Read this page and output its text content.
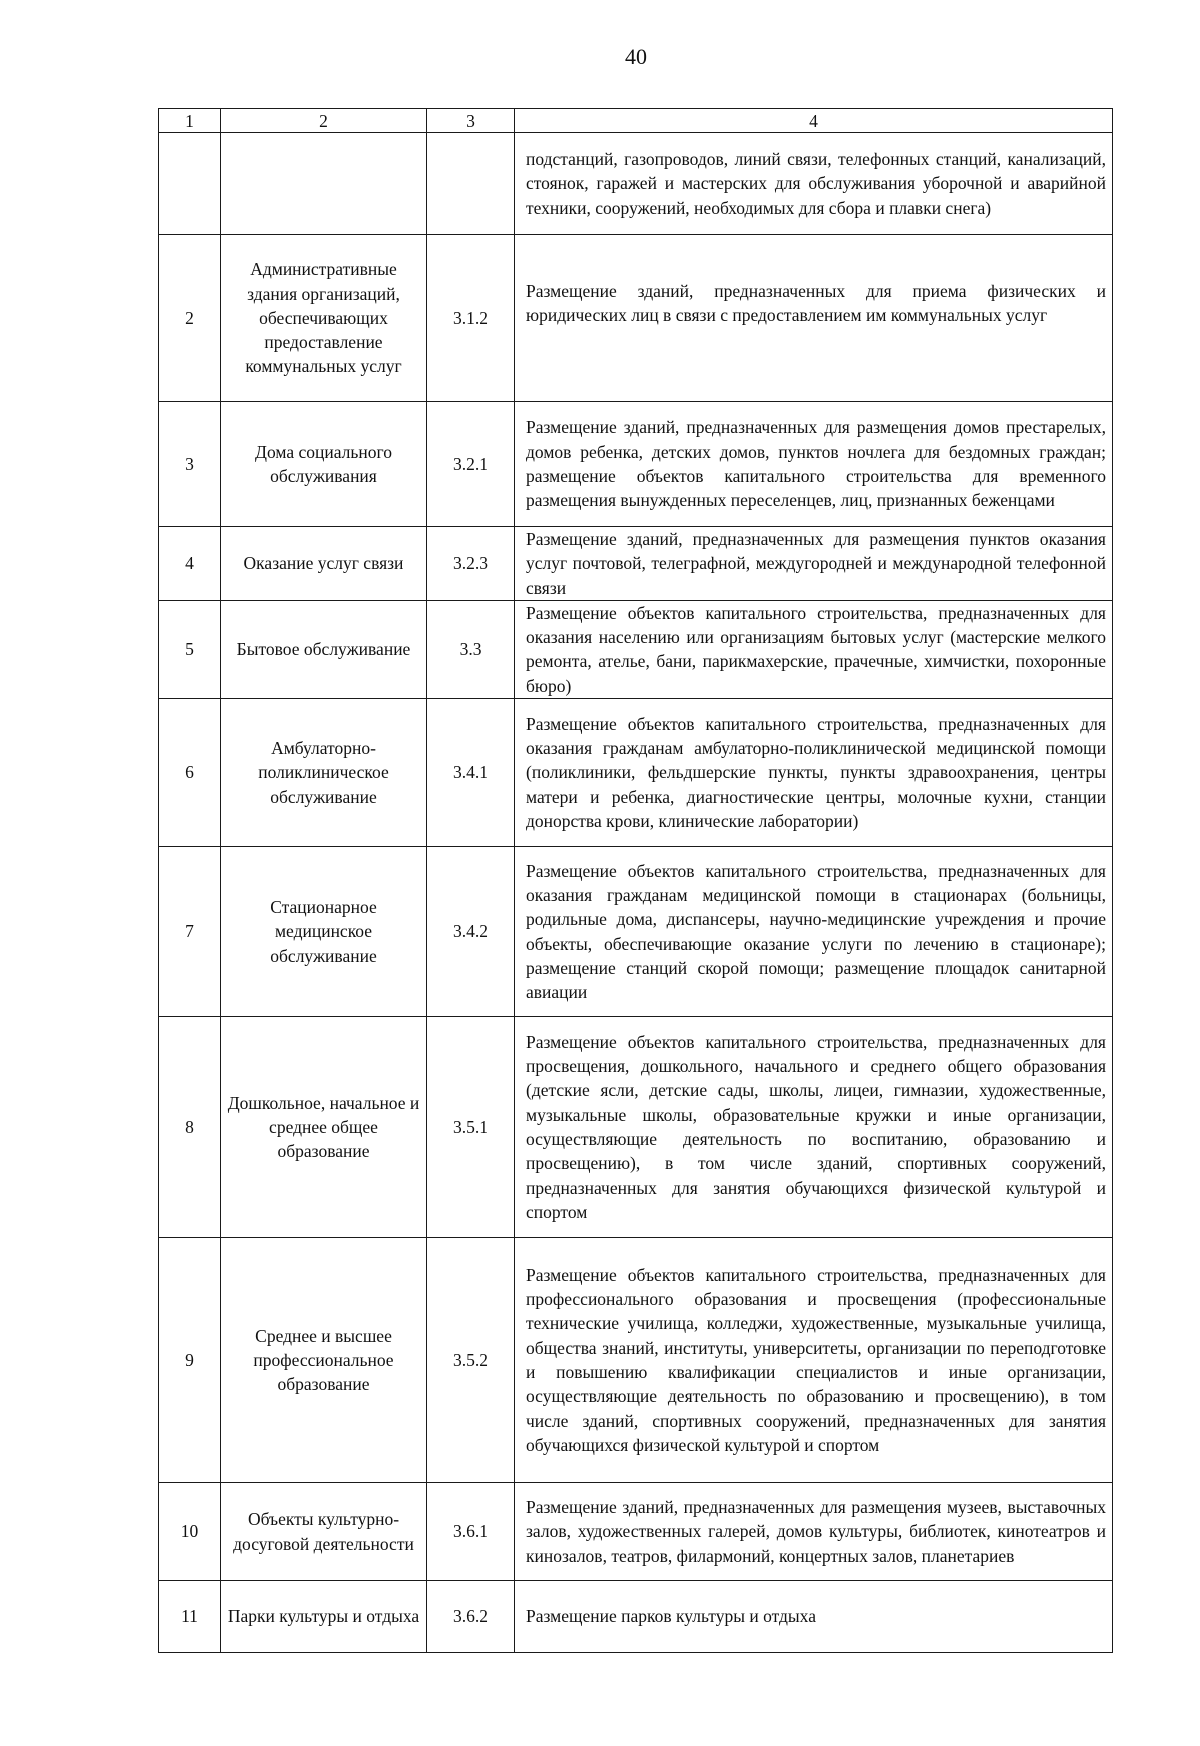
40
1	2	3	4
			подстанций, газопроводов, линий связи, телефонных станций, канализаций, стоянок, гаражей и мастерских для обслуживания уборочной и аварийной техники, сооружений, необходимых для сбора и плавки снега)
2	Административные здания организаций, обеспечивающих предоставление коммунальных услуг	3.1.2	Размещение зданий, предназначенных для приема физических и юридических лиц в связи с предоставлением им коммунальных услуг
3	Дома социального обслуживания	3.2.1	Размещение зданий, предназначенных для размещения домов престарелых, домов ребенка, детских домов, пунктов ночлега для бездомных граждан; размещение объектов капитального строительства для временного размещения вынужденных переселенцев, лиц, признанных беженцами
4	Оказание услуг связи	3.2.3	Размещение зданий, предназначенных для размещения пунктов оказания услуг почтовой, телеграфной, междугородней и международной телефонной связи
5	Бытовое обслуживание	3.3	Размещение объектов капитального строительства, предназначенных для оказания населению или организациям бытовых услуг (мастерские мелкого ремонта, ателье, бани, парикмахерские, прачечные, химчистки, похоронные бюро)
6	Амбулаторно-поликлиническое обслуживание	3.4.1	Размещение объектов капитального строительства, предназначенных для оказания гражданам амбулаторно-поликлинической медицинской помощи (поликлиники, фельдшерские пункты, пункты здравоохранения, центры матери и ребенка, диагностические центры, молочные кухни, станции донорства крови, клинические лаборатории)
7	Стационарное медицинское обслуживание	3.4.2	Размещение объектов капитального строительства, предназначенных для оказания гражданам медицинской помощи в стационарах (больницы, родильные дома, диспансеры, научно-медицинские учреждения и прочие объекты, обеспечивающие оказание услуги по лечению в стационаре); размещение станций скорой помощи; размещение площадок санитарной авиации
8	Дошкольное, начальное и среднее общее образование	3.5.1	Размещение объектов капитального строительства, предназначенных для просвещения, дошкольного, начального и среднего общего образования (детские ясли, детские сады, школы, лицеи, гимназии, художественные, музыкальные школы, образовательные кружки и иные организации, осуществляющие деятельность по воспитанию, образованию и просвещению), в том числе зданий, спортивных сооружений, предназначенных для занятия обучающихся физической культурой и спортом
9	Среднее и высшее профессиональное образование	3.5.2	Размещение объектов капитального строительства, предназначенных для профессионального образования и просвещения (профессиональные технические училища, колледжи, художественные, музыкальные училища, общества знаний, институты, университеты, организации по переподготовке и повышению квалификации специалистов и иные организации, осуществляющие деятельность по образованию и просвещению), в том числе зданий, спортивных сооружений, предназначенных для занятия обучающихся физической культурой и спортом
10	Объекты культурно-досуговой деятельности	3.6.1	Размещение зданий, предназначенных для размещения музеев, выставочных залов, художественных галерей, домов культуры, библиотек, кинотеатров и кинозалов, театров, филармоний, концертных залов, планетариев
11	Парки культуры и отдыха	3.6.2	Размещение парков культуры и отдыха
